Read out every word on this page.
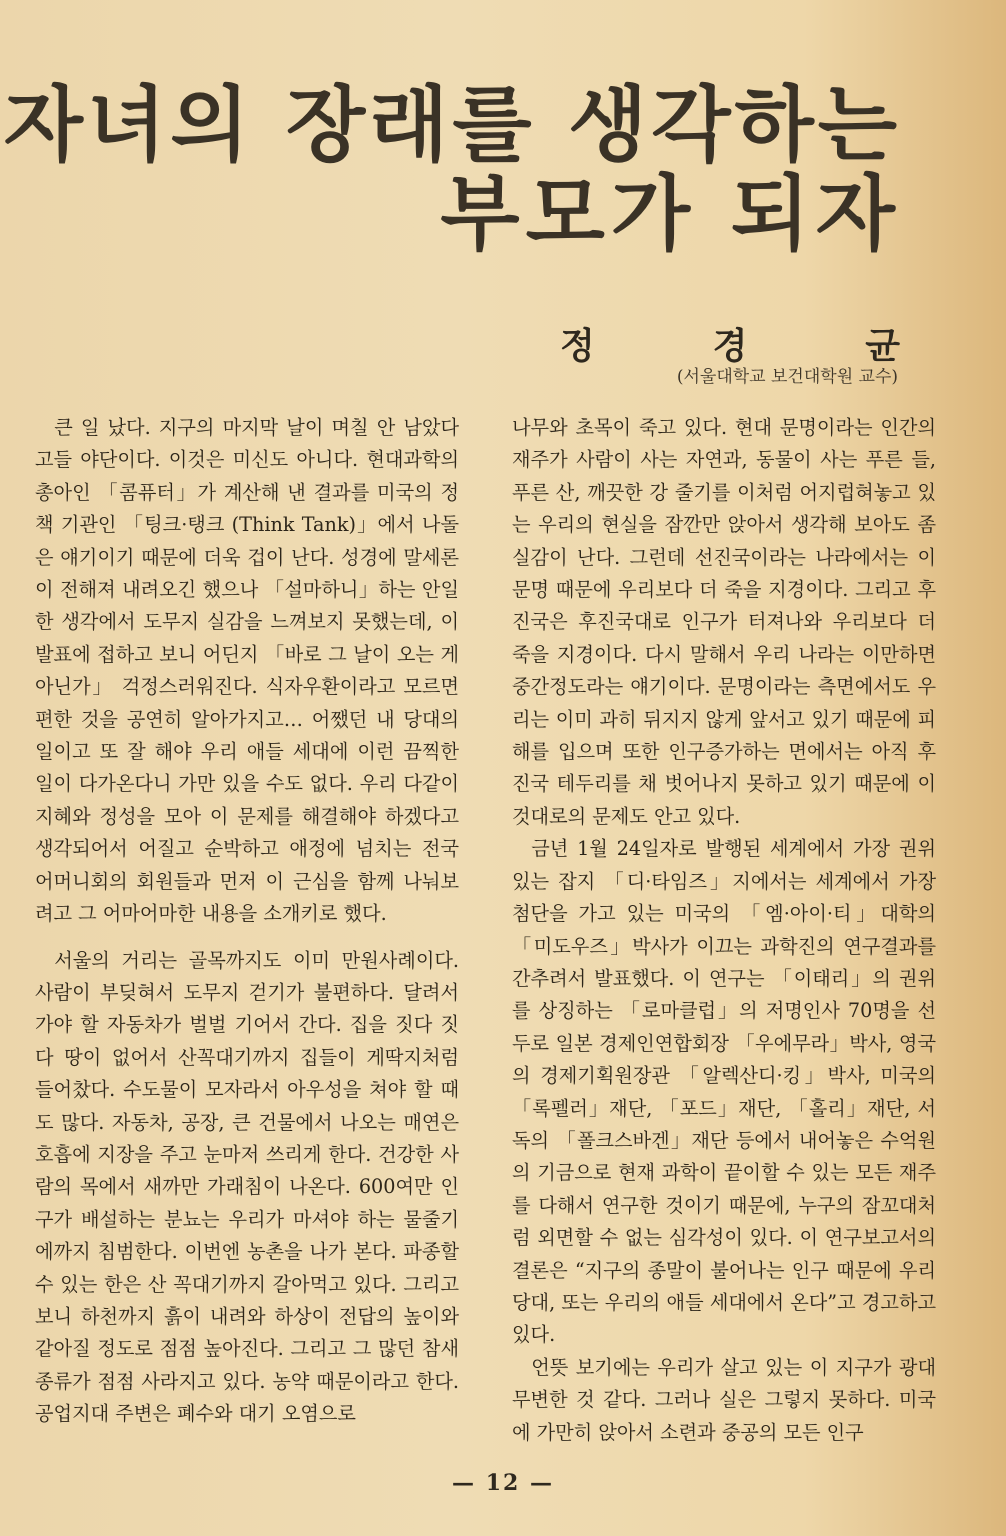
자녀의 장래를 생각하는
부모가 되자
정	경	균
(서울대학교 보건대학원 교수)

큰 일 났다. 지구의 마지막 날이 며칠 안 남았다고들 야단이다. 이것은 미신도 아니다. 현대과학의 총아인 「콤퓨터」가 계산해 낸 결과를 미국의 정책 기관인 「팅크·탱크 (Think Tank)」에서 나돌은 얘기이기 때문에 더욱 겁이 난다. 성경에 말세론이 전해져 내려오긴 했으나 「설마하니」하는 안일한 생각에서 도무지 실감을 느껴보지 못했는데, 이 발표에 접하고 보니 어딘지 「바로 그 날이 오는 게 아닌가」 걱정스러워진다. 식자우환이라고 모르면 편한 것을 공연히 알아가지고… 어쨌던 내 당대의 일이고 또 잘 해야 우리 애들 세대에 이런 끔찍한 일이 다가온다니 가만 있을 수도 없다. 우리 다같이 지혜와 정성을 모아 이 문제를 해결해야 하겠다고 생각되어서 어질고 순박하고 애정에 넘치는 전국 어머니회의 회원들과 먼저 이 근심을 함께 나눠보려고 그 어마어마한 내용을 소개키로 했다.

서울의 거리는 골목까지도 이미 만원사례이다. 사람이 부딪혀서 도무지 걷기가 불편하다. 달려서 가야 할 자동차가 벌벌 기어서 간다. 집을 짓다 짓다 땅이 없어서 산꼭대기까지 집들이 게딱지처럼 들어찼다. 수도물이 모자라서 아우성을 쳐야 할 때도 많다. 자동차, 공장, 큰 건물에서 나오는 매연은 호흡에 지장을 주고 눈마저 쓰리게 한다. 건강한 사람의 목에서 새까만 가래침이 나온다. 600여만 인구가 배설하는 분뇨는 우리가 마셔야 하는 물줄기에까지 침범한다. 이번엔 농촌을 나가 본다. 파종할 수 있는 한은 산 꼭대기까지 갈아먹고 있다. 그리고 보니 하천까지 흙이 내려와 하상이 전답의 높이와 같아질 정도로 점점 높아진다. 그리고 그 많던 참새 종류가 점점 사라지고 있다. 농약 때문이라고 한다. 공업지대 주변은 폐수와 대기 오염으로

나무와 초목이 죽고 있다. 현대 문명이라는 인간의 재주가 사람이 사는 자연과, 동물이 사는 푸른 들, 푸른 산, 깨끗한 강 줄기를 이처럼 어지럽혀놓고 있는 우리의 현실을 잠깐만 앉아서 생각해 보아도 좀 실감이 난다. 그런데 선진국이라는 나라에서는 이 문명 때문에 우리보다 더 죽을 지경이다. 그리고 후진국은 후진국대로 인구가 터져나와 우리보다 더 죽을 지경이다. 다시 말해서 우리 나라는 이만하면 중간정도라는 얘기이다. 문명이라는 측면에서도 우리는 이미 과히 뒤지지 않게 앞서고 있기 때문에 피해를 입으며 또한 인구증가하는 면에서는 아직 후진국 테두리를 채 벗어나지 못하고 있기 때문에 이것대로의 문제도 안고 있다.

금년 1월 24일자로 발행된 세계에서 가장 권위 있는 잡지 「디·타임즈」지에서는 세계에서 가장 첨단을 가고 있는 미국의 「엠·아이·티」대학의 「미도우즈」박사가 이끄는 과학진의 연구결과를 간추려서 발표했다. 이 연구는 「이태리」의 권위를 상징하는 「로마클럽」의 저명인사 70명을 선두로 일본 경제인연합회장 「우에무라」박사, 영국의 경제기획원장관 「알렉산디·킹」박사, 미국의 「록펠러」재단, 「포드」재단, 「홀리」재단, 서독의 「폴크스바겐」재단 등에서 내어놓은 수억원의 기금으로 현재 과학이 끝이할 수 있는 모든 재주를 다해서 연구한 것이기 때문에, 누구의 잠꼬대처럼 외면할 수 없는 심각성이 있다. 이 연구보고서의 결론은 “지구의 종말이 불어나는 인구 때문에 우리 당대, 또는 우리의 애들 세대에서 온다”고 경고하고 있다.

언뜻 보기에는 우리가 살고 있는 이 지구가 광대무변한 것 같다. 그러나 실은 그렇지 못하다. 미국에 가만히 앉아서 소련과 중공의 모든 인구

— 12 —
